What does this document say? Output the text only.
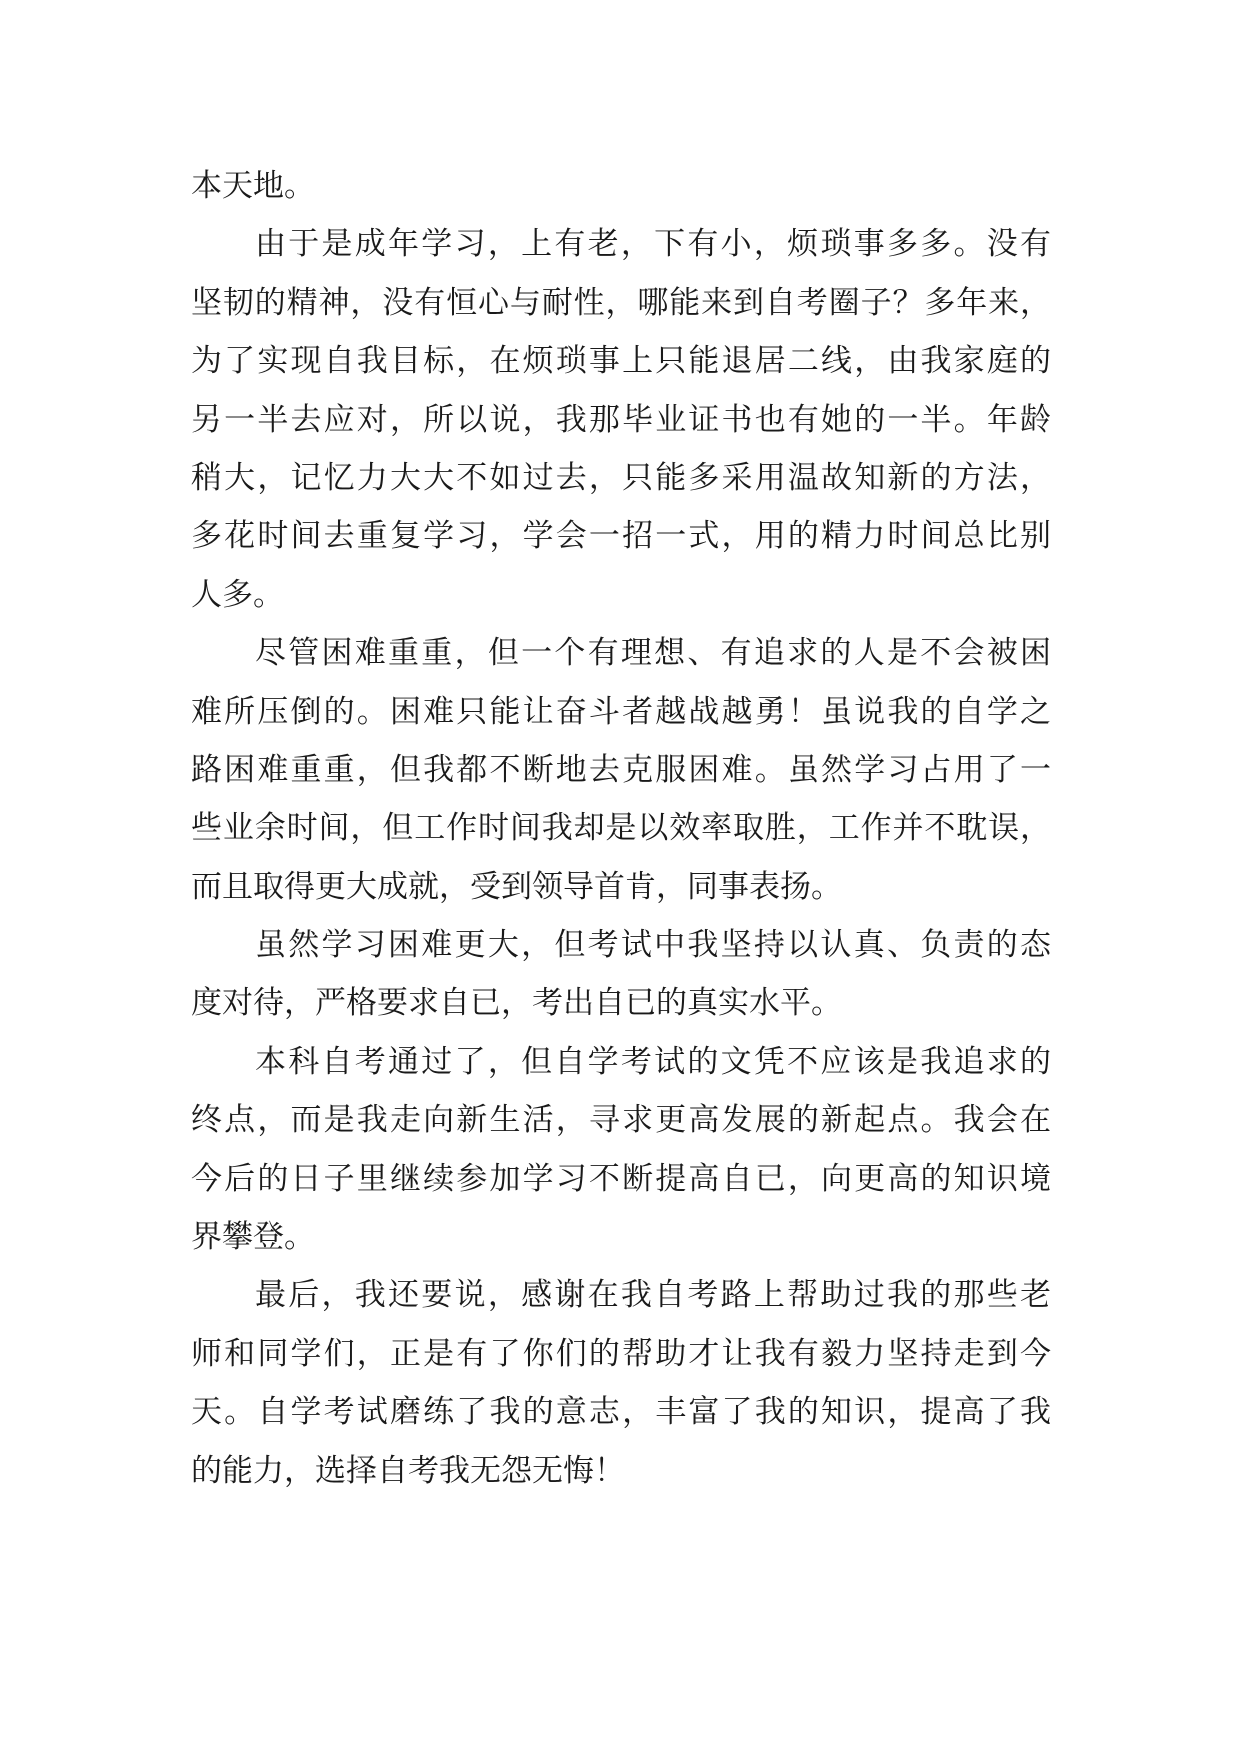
本天地。
由于是成年学习，上有老，下有小，烦琐事多多。没有
坚韧的精神，没有恒心与耐性，哪能来到自考圈子？多年来，
为了实现自我目标，在烦琐事上只能退居二线，由我家庭的
另一半去应对，所以说，我那毕业证书也有她的一半。年龄
稍大，记忆力大大不如过去，只能多采用温故知新的方法，
多花时间去重复学习，学会一招一式，用的精力时间总比别
人多。
尽管困难重重，但一个有理想、有追求的人是不会被困
难所压倒的。困难只能让奋斗者越战越勇！虽说我的自学之
路困难重重，但我都不断地去克服困难。虽然学习占用了一
些业余时间，但工作时间我却是以效率取胜，工作并不耽误，
而且取得更大成就，受到领导首肯，同事表扬。
虽然学习困难更大，但考试中我坚持以认真、负责的态
度对待，严格要求自已，考出自已的真实水平。
本科自考通过了，但自学考试的文凭不应该是我追求的
终点，而是我走向新生活，寻求更高发展的新起点。我会在
今后的日子里继续参加学习不断提高自已，向更高的知识境
界攀登。
最后，我还要说，感谢在我自考路上帮助过我的那些老
师和同学们，正是有了你们的帮助才让我有毅力坚持走到今
天。自学考试磨练了我的意志，丰富了我的知识，提高了我
的能力，选择自考我无怨无悔！
